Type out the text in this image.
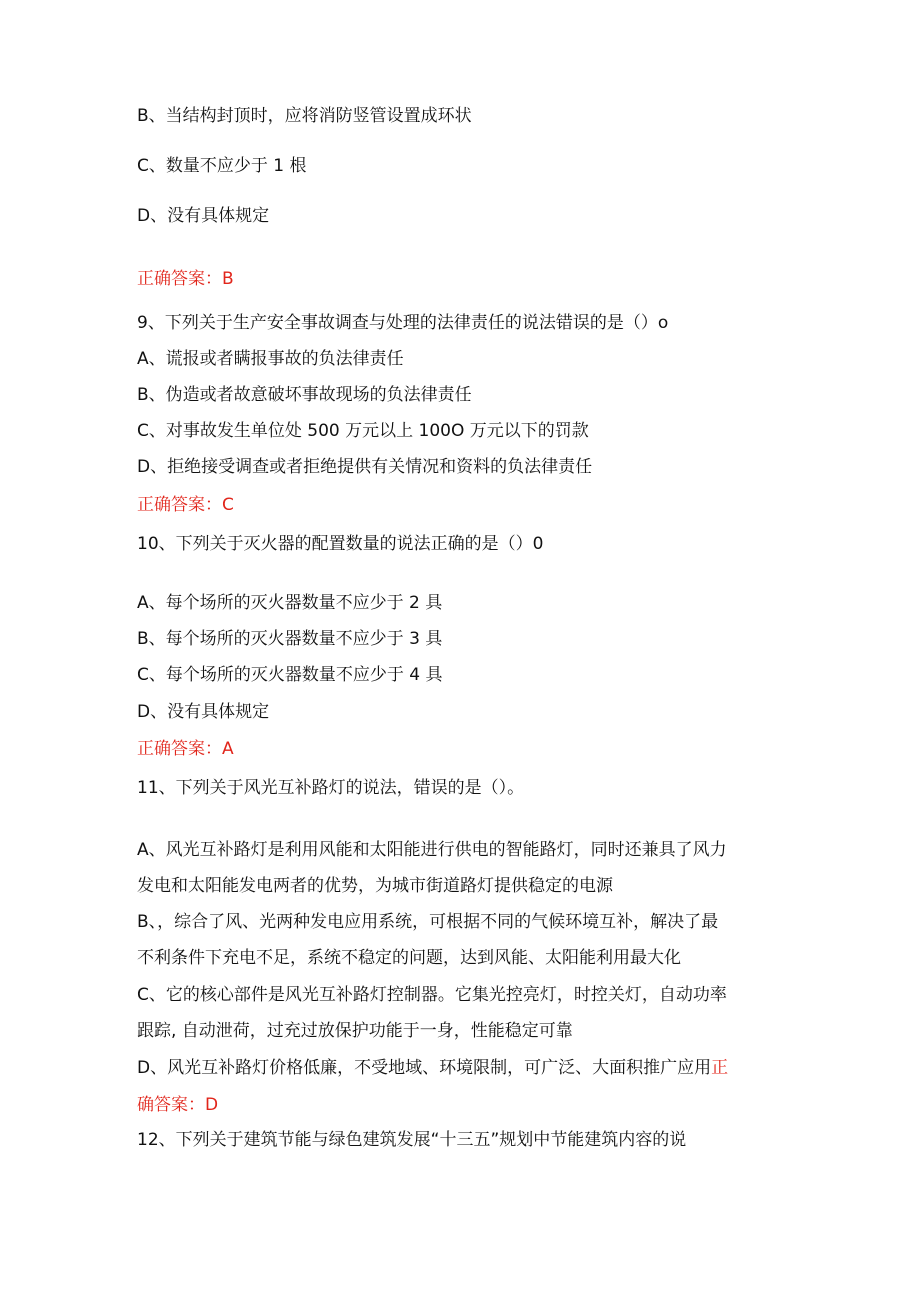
B、当结构封顶时，应将消防竖管设置成环状
C、数量不应少于 1 根
D、没有具体规定
正确答案：B
9、下列关于生产安全事故调查与处理的法律责任的说法错误的是（）o
A、谎报或者瞒报事故的负法律责任
B、伪造或者故意破坏事故现场的负法律责任
C、对事故发生单位处 500 万元以上 100O 万元以下的罚款
D、拒绝接受调查或者拒绝提供有关情况和资料的负法律责任
正确答案：C
10、下列关于灭火器的配置数量的说法正确的是（）0
A、每个场所的灭火器数量不应少于 2 具
B、每个场所的灭火器数量不应少于 3 具
C、每个场所的灭火器数量不应少于 4 具
D、没有具体规定
正确答案：A
11、下列关于风光互补路灯的说法，错误的是（）。
A、风光互补路灯是利用风能和太阳能进行供电的智能路灯，同时还兼具了风力
发电和太阳能发电两者的优势，为城市街道路灯提供稳定的电源
B、，综合了风、光两种发电应用系统，可根据不同的气候环境互补，解决了最
不利条件下充电不足，系统不稳定的问题，达到风能、太阳能利用最大化
C、它的核心部件是风光互补路灯控制器。它集光控亮灯，时控关灯，自动功率
跟踪, 自动泄荷，过充过放保护功能于一身，性能稳定可靠
D、风光互补路灯价格低廉，不受地域、环境限制，可广泛、大面积推广应用正
确答案：D
12、下列关于建筑节能与绿色建筑发展“十三五”规划中节能建筑内容的说
